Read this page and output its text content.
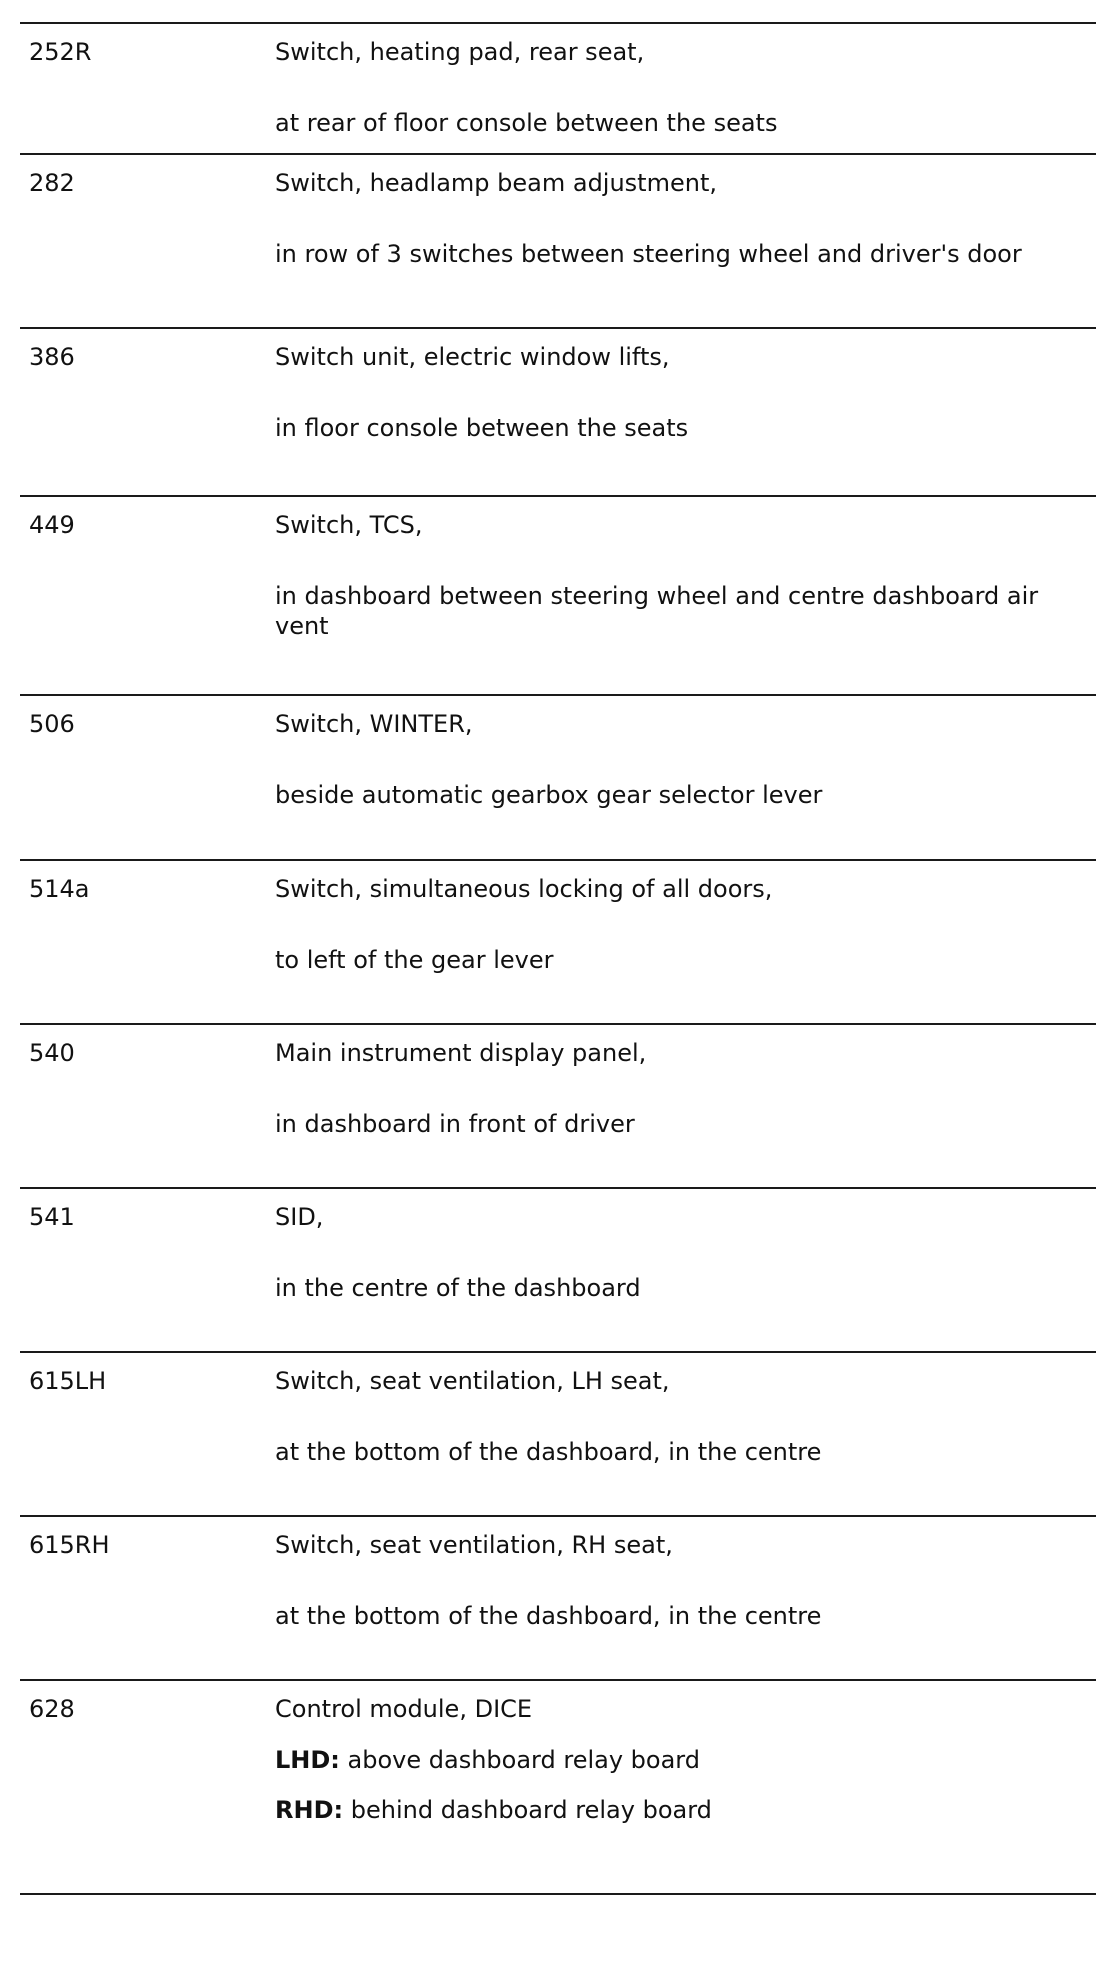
252R	Switch, heating pad, rear seat,
at rear of floor console between the seats
282	Switch, headlamp beam adjustment,
in row of 3 switches between steering wheel and driver's door
386	Switch unit, electric window lifts,
in floor console between the seats
449	Switch, TCS,
in dashboard between steering wheel and centre dashboard air vent
506	Switch, WINTER,
beside automatic gearbox gear selector lever
514a	Switch, simultaneous locking of all doors,
to left of the gear lever
540	Main instrument display panel,
in dashboard in front of driver
541	SID,
in the centre of the dashboard
615LH	Switch, seat ventilation, LH seat,
at the bottom of the dashboard, in the centre
615RH	Switch, seat ventilation, RH seat,
at the bottom of the dashboard, in the centre
628	Control module, DICE
LHD: above dashboard relay board
RHD: behind dashboard relay board
